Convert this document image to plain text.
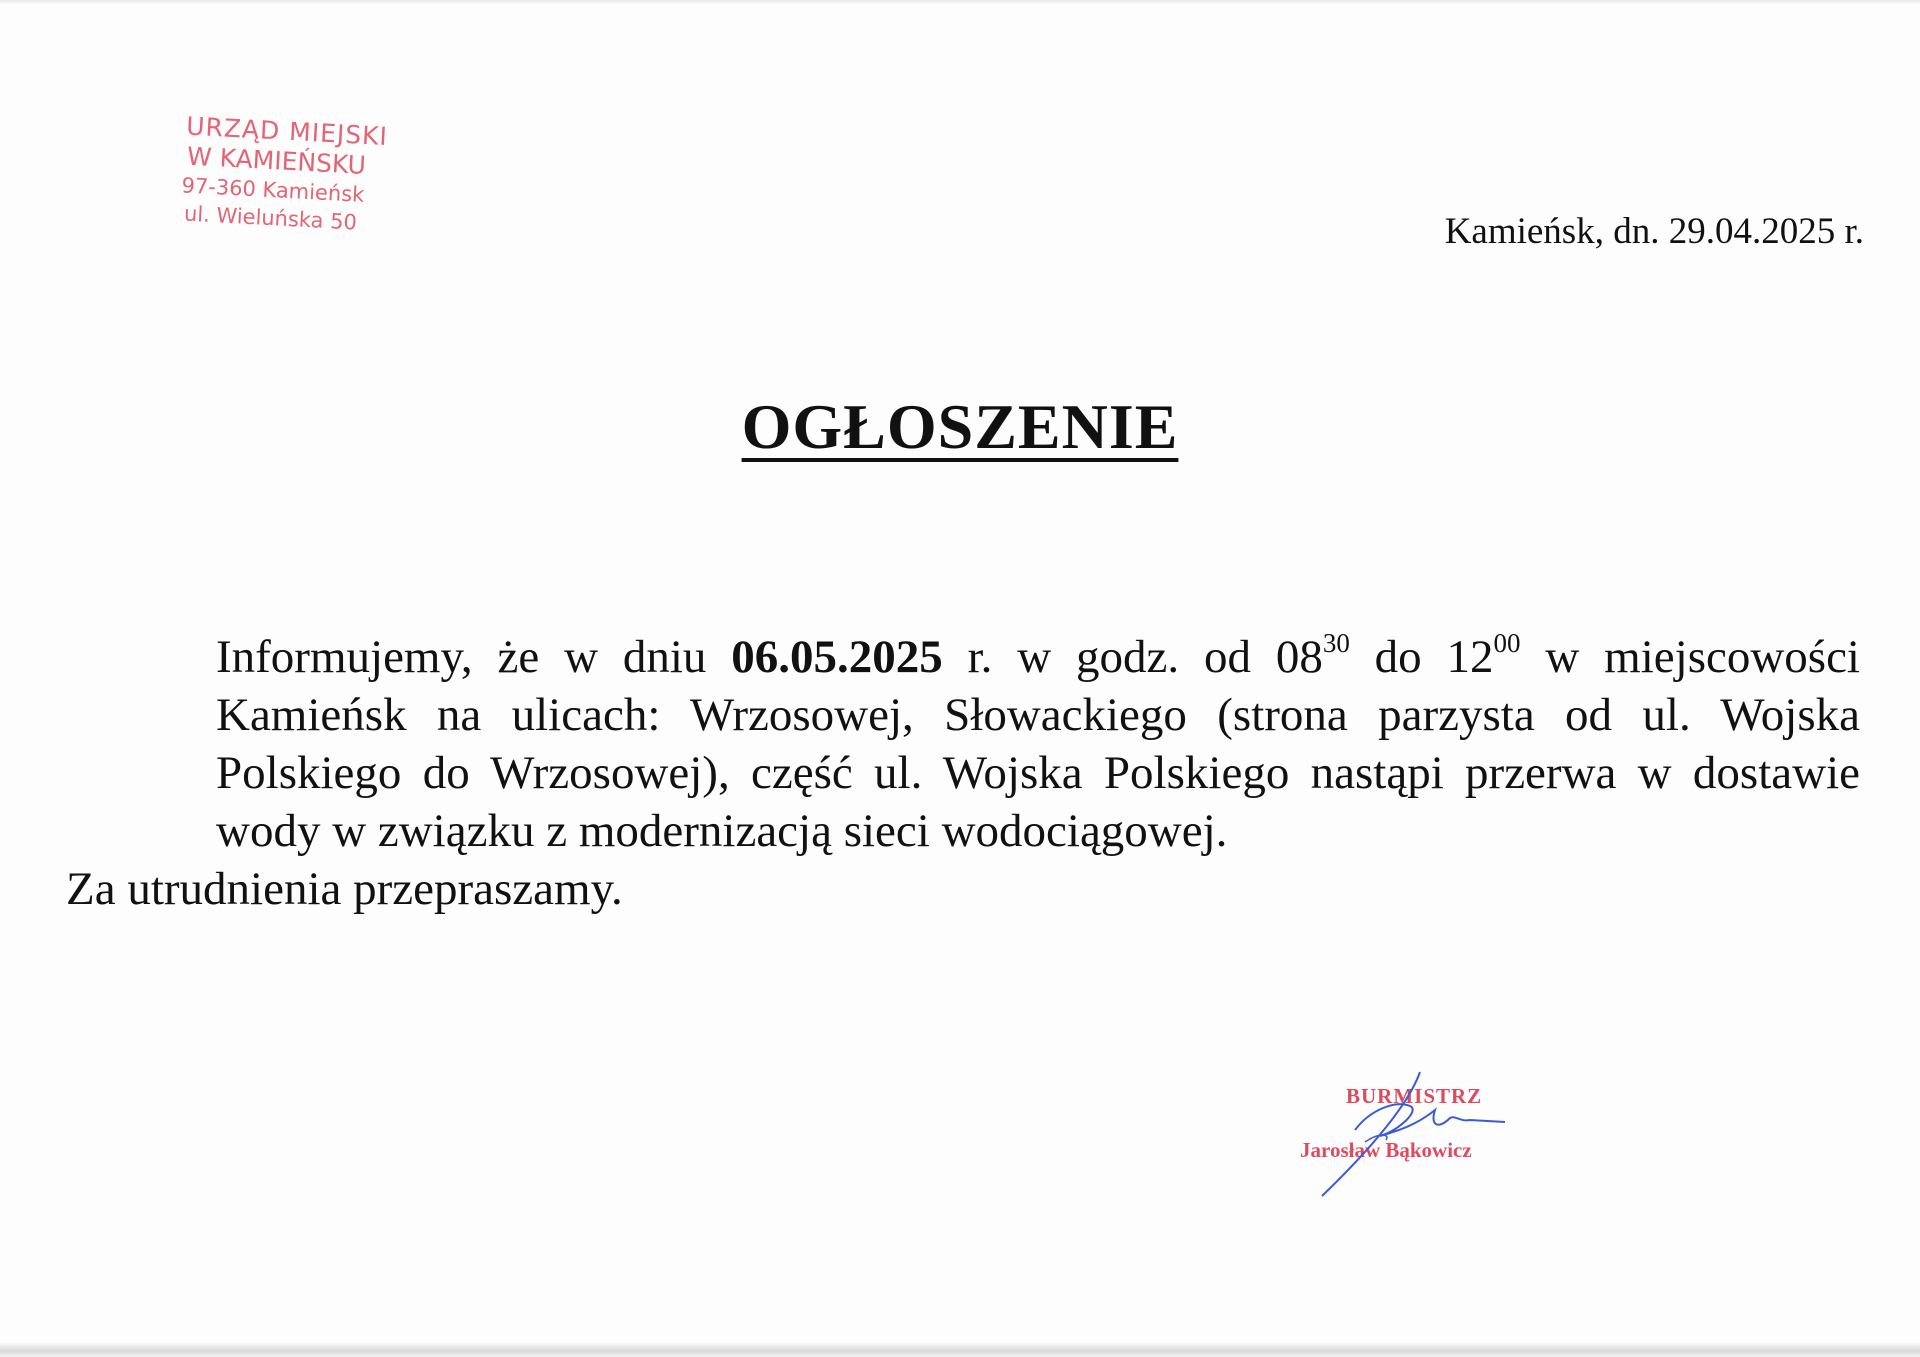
URZĄD MIEJSKI
W KAMIEŃSKU
97-360 Kamieńsk
ul. Wieluńska 50	Kamieńsk, dn. 29.04.2025 r.
OGŁOSZENIE

Informujemy, że w dniu 06.05.2025 r. w godz. od $08^{30}$ do $12^{00}$ w miejscowości Kamieńsk na ulicach: Wrzosowej, Słowackiego (strona parzysta od ul. Wojska Polskiego do Wrzosowej), część ul. Wojska Polskiego nastąpi przerwa w dostawie wody w związku z modernizacją sieci wodociągowej.

Za utrudnienia przepraszamy.

BURMISTRZ
Jarosław Bąkowicz
